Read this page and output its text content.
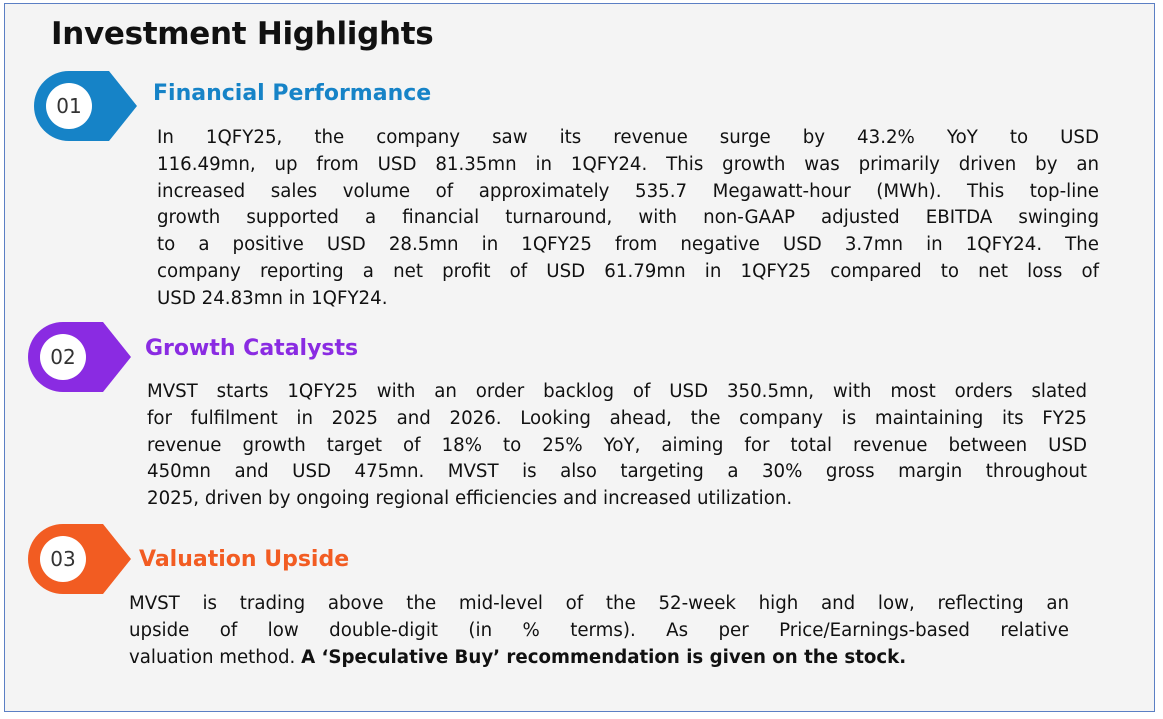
Investment Highlights
01	Financial Performance

In 1QFY25, the company saw its revenue surge by 43.2% YoY to USD
116.49mn, up from USD 81.35mn in 1QFY24. This growth was primarily driven by an
increased sales volume of approximately 535.7 Megawatt-hour (MWh). This top-line
growth supported a financial turnaround, with non-GAAP adjusted EBITDA swinging
to a positive USD 28.5mn in 1QFY25 from negative USD 3.7mn in 1QFY24. The
company reporting a net profit of USD 61.79mn in 1QFY25 compared to net loss of
USD 24.83mn in 1QFY24.

02	Growth Catalysts

MVST starts 1QFY25 with an order backlog of USD 350.5mn, with most orders slated
for fulfilment in 2025 and 2026. Looking ahead, the company is maintaining its FY25
revenue growth target of 18% to 25% YoY, aiming for total revenue between USD
450mn and USD 475mn. MVST is also targeting a 30% gross margin throughout
2025, driven by ongoing regional efficiencies and increased utilization.

03	Valuation Upside

MVST is trading above the mid-level of the 52-week high and low, reflecting an
upside of low double-digit (in % terms). As per Price/Earnings-based relative
valuation method. A ‘Speculative Buy’ recommendation is given on the stock.
